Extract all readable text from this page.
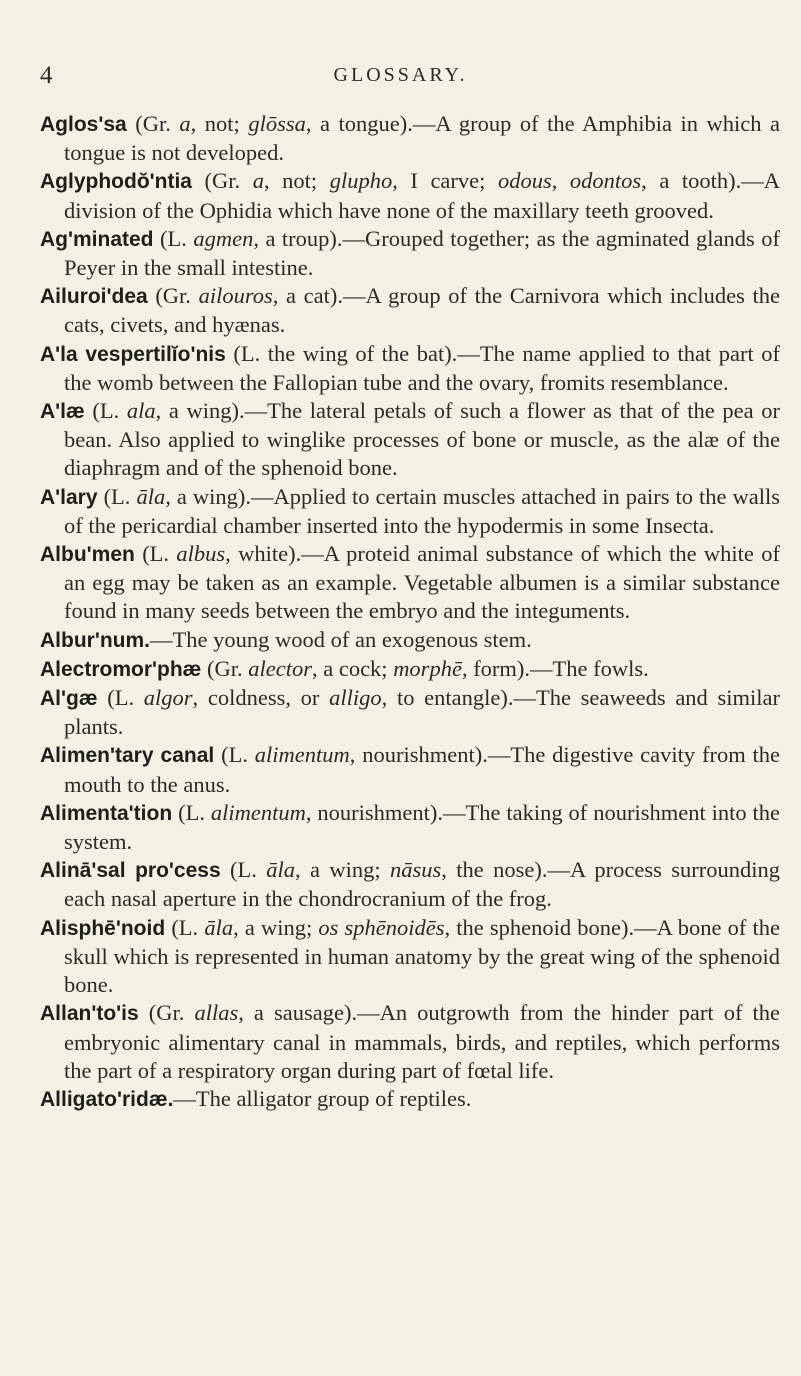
4	GLOSSARY.

Aglos'sa (Gr. a, not; glōssa, a tongue).—A group of the Amphibia in which a tongue is not developed.

Aglyphodŏ'ntia (Gr. a, not; glupho, I carve; odous, odontos, a tooth).—A division of the Ophidia which have none of the maxillary teeth grooved.

Ag'minated (L. agmen, a troup).—Grouped together; as the agminated glands of Peyer in the small intestine.

Ailuroi'dea (Gr. ailouros, a cat).—A group of the Carnivora which includes the cats, civets, and hyænas.

A'la vespertilĭo'nis (L. the wing of the bat).—The name applied to that part of the womb between the Fallopian tube and the ovary, fromits resemblance.

A'læ (L. ala, a wing).—The lateral petals of such a flower as that of the pea or bean. Also applied to winglike processes of bone or muscle, as the alæ of the diaphragm and of the sphenoid bone.

A'lary (L. āla, a wing).—Applied to certain muscles attached in pairs to the walls of the pericardial chamber inserted into the hypodermis in some Insecta.

Albu'men (L. albus, white).—A proteid animal substance of which the white of an egg may be taken as an example. Vegetable albumen is a similar substance found in many seeds between the embryo and the integuments.

Albur'num.—The young wood of an exogenous stem.

Alectromor'phæ (Gr. alector, a cock; morphē, form).—The fowls.

Al'gæ (L. algor, coldness, or alligo, to entangle).—The seaweeds and similar plants.

Alimen'tary canal (L. alimentum, nourishment).—The digestive cavity from the mouth to the anus.

Alimenta'tion (L. alimentum, nourishment).—The taking of nourishment into the system.

Alinā'sal pro'cess (L. āla, a wing; nāsus, the nose).—A process surrounding each nasal aperture in the chondrocranium of the frog.

Alisphē'noid (L. āla, a wing; os sphēnoidēs, the sphenoid bone).—A bone of the skull which is represented in human anatomy by the great wing of the sphenoid bone.

Allan'to'is (Gr. allas, a sausage).—An outgrowth from the hinder part of the embryonic alimentary canal in mammals, birds, and reptiles, which performs the part of a respiratory organ during part of fœtal life.

Alligato'ridæ.—The alligator group of reptiles.
